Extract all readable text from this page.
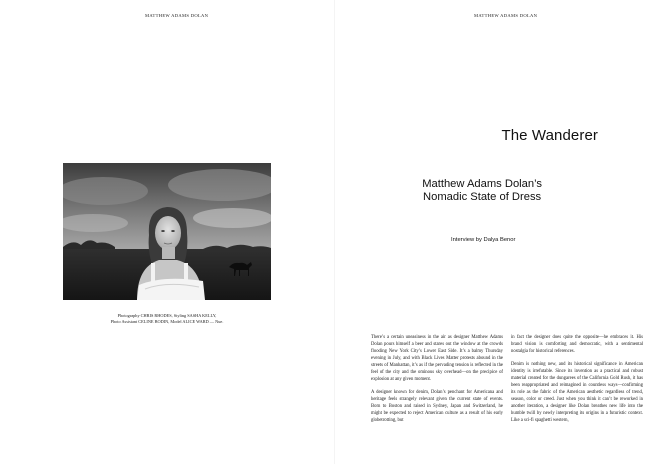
MATTHEW ADAMS DOLAN	MATTHEW ADAMS DOLAN
Photography CHRIS RHODES, Styling SASHA KELLY,
Photo Assistant CELINE BODIN, Model ALICE WARD — Nue.
The Wanderer
Matthew Adams Dolan’s
Nomadic State of Dress
Interview by Dalya Benor

There’s a certain uneasiness in the air as designer Matthew Adams Dolan pours himself a beer and stares out the window at the crowds flooding New York City’s Lower East Side. It’s a balmy Thursday evening in July, and with Black Lives Matter protests abound in the streets of Manhattan, it’s as if the pervading tension is reflected in the feel of the city and the ominous sky overhead—on the precipice of explosion at any given moment.

A designer known for denim, Dolan’s penchant for Americana and heritage feels strangely relevant given the current state of events. Born to Boston and raised in Sydney, Japan and Switzerland, he might be expected to reject American culture as a result of his early globetrotting, but

in fact the designer does quite the opposite—he embraces it. His brand vision is comforting and democratic, with a sentimental nostalgia for historical references.

Denim is nothing new, and its historical significance in American identity is irrefutable. Since its invention as a practical and robust material created for the dungarees of the California Gold Rush, it has been reappropriated and reimagined in countless ways—confirming its role as the fabric of the American aesthetic regardless of trend, season, color or creed. Just when you think it can’t be reworked in another iteration, a designer like Dolan breathes new life into the humble twill by newly interpreting its origins in a futuristic context. Like a sci-fi spaghetti western,
